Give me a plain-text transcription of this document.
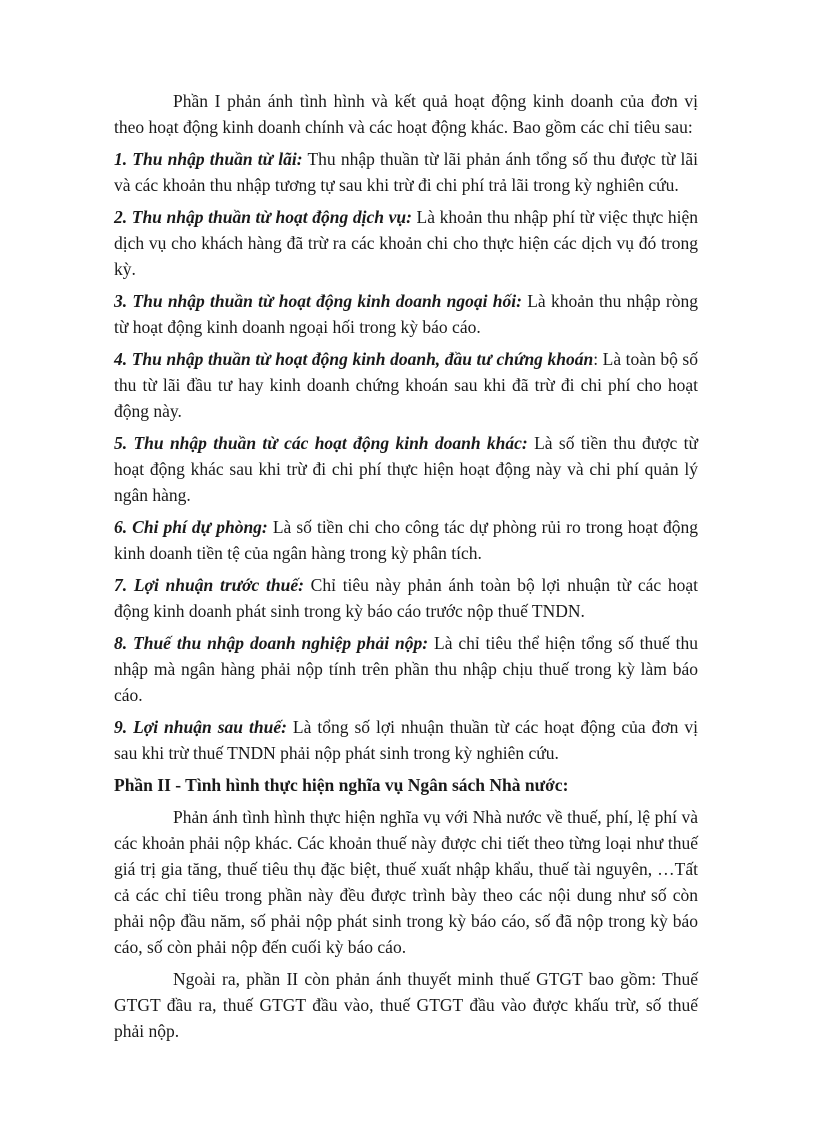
Phần I phản ánh tình hình và kết quả hoạt động kinh doanh của đơn vị theo hoạt động kinh doanh chính và các hoạt động khác. Bao gồm các chỉ tiêu sau:

1. Thu nhập thuần từ lãi: Thu nhập thuần từ lãi phản ánh tổng số thu được từ lãi và các khoản thu nhập tương tự sau khi trừ đi chi phí trả lãi trong kỳ nghiên cứu.

2. Thu nhập thuần từ hoạt động dịch vụ: Là khoản thu nhập phí từ việc thực hiện dịch vụ cho khách hàng đã trừ ra các khoản chi cho thực hiện các dịch vụ đó trong kỳ.

3. Thu nhập thuần từ hoạt động kinh doanh ngoại hối: Là khoản thu nhập ròng từ hoạt động kinh doanh ngoại hối trong kỳ báo cáo.

4. Thu nhập thuần từ hoạt động kinh doanh, đầu tư chứng khoán: Là toàn bộ số thu từ lãi đầu tư hay kinh doanh chứng khoán sau khi đã trừ đi chi phí cho hoạt động này.

5. Thu nhập thuần từ các hoạt động kinh doanh khác: Là số tiền thu được từ hoạt động khác sau khi trừ đi chi phí thực hiện hoạt động này và chi phí quản lý ngân hàng.

6. Chi phí dự phòng: Là số tiền chi cho công tác dự phòng rủi ro trong hoạt động kinh doanh tiền tệ của ngân hàng trong kỳ phân tích.

7. Lợi nhuận trước thuế: Chỉ tiêu này phản ánh toàn bộ lợi nhuận từ các hoạt động kinh doanh phát sinh trong kỳ báo cáo trước nộp thuế TNDN.

8. Thuế thu nhập doanh nghiệp phải nộp: Là chỉ tiêu thể hiện tổng số thuế thu nhập mà ngân hàng phải nộp tính trên phần thu nhập chịu thuế trong kỳ làm báo cáo.

9. Lợi nhuận sau thuế: Là tổng số lợi nhuận thuần từ các hoạt động của đơn vị sau khi trừ thuế TNDN phải nộp phát sinh trong kỳ nghiên cứu.

Phần II - Tình hình thực hiện nghĩa vụ Ngân sách Nhà nước:

Phản ánh tình hình thực hiện nghĩa vụ với Nhà nước về thuế, phí, lệ phí và các khoản phải nộp khác. Các khoản thuế này được chi tiết theo từng loại như thuế giá trị gia tăng, thuế tiêu thụ đặc biệt, thuế xuất nhập khẩu, thuế tài nguyên, …Tất cả các chỉ tiêu trong phần này đều được trình bày theo các nội dung như số còn phải nộp đầu năm, số phải nộp phát sinh trong kỳ báo cáo, số đã nộp trong kỳ báo cáo, số còn phải nộp đến cuối kỳ báo cáo.

Ngoài ra, phần II còn phản ánh thuyết minh thuế GTGT bao gồm: Thuế GTGT đầu ra, thuế GTGT đầu vào, thuế GTGT đầu vào được khấu trừ, số thuế phải nộp.
